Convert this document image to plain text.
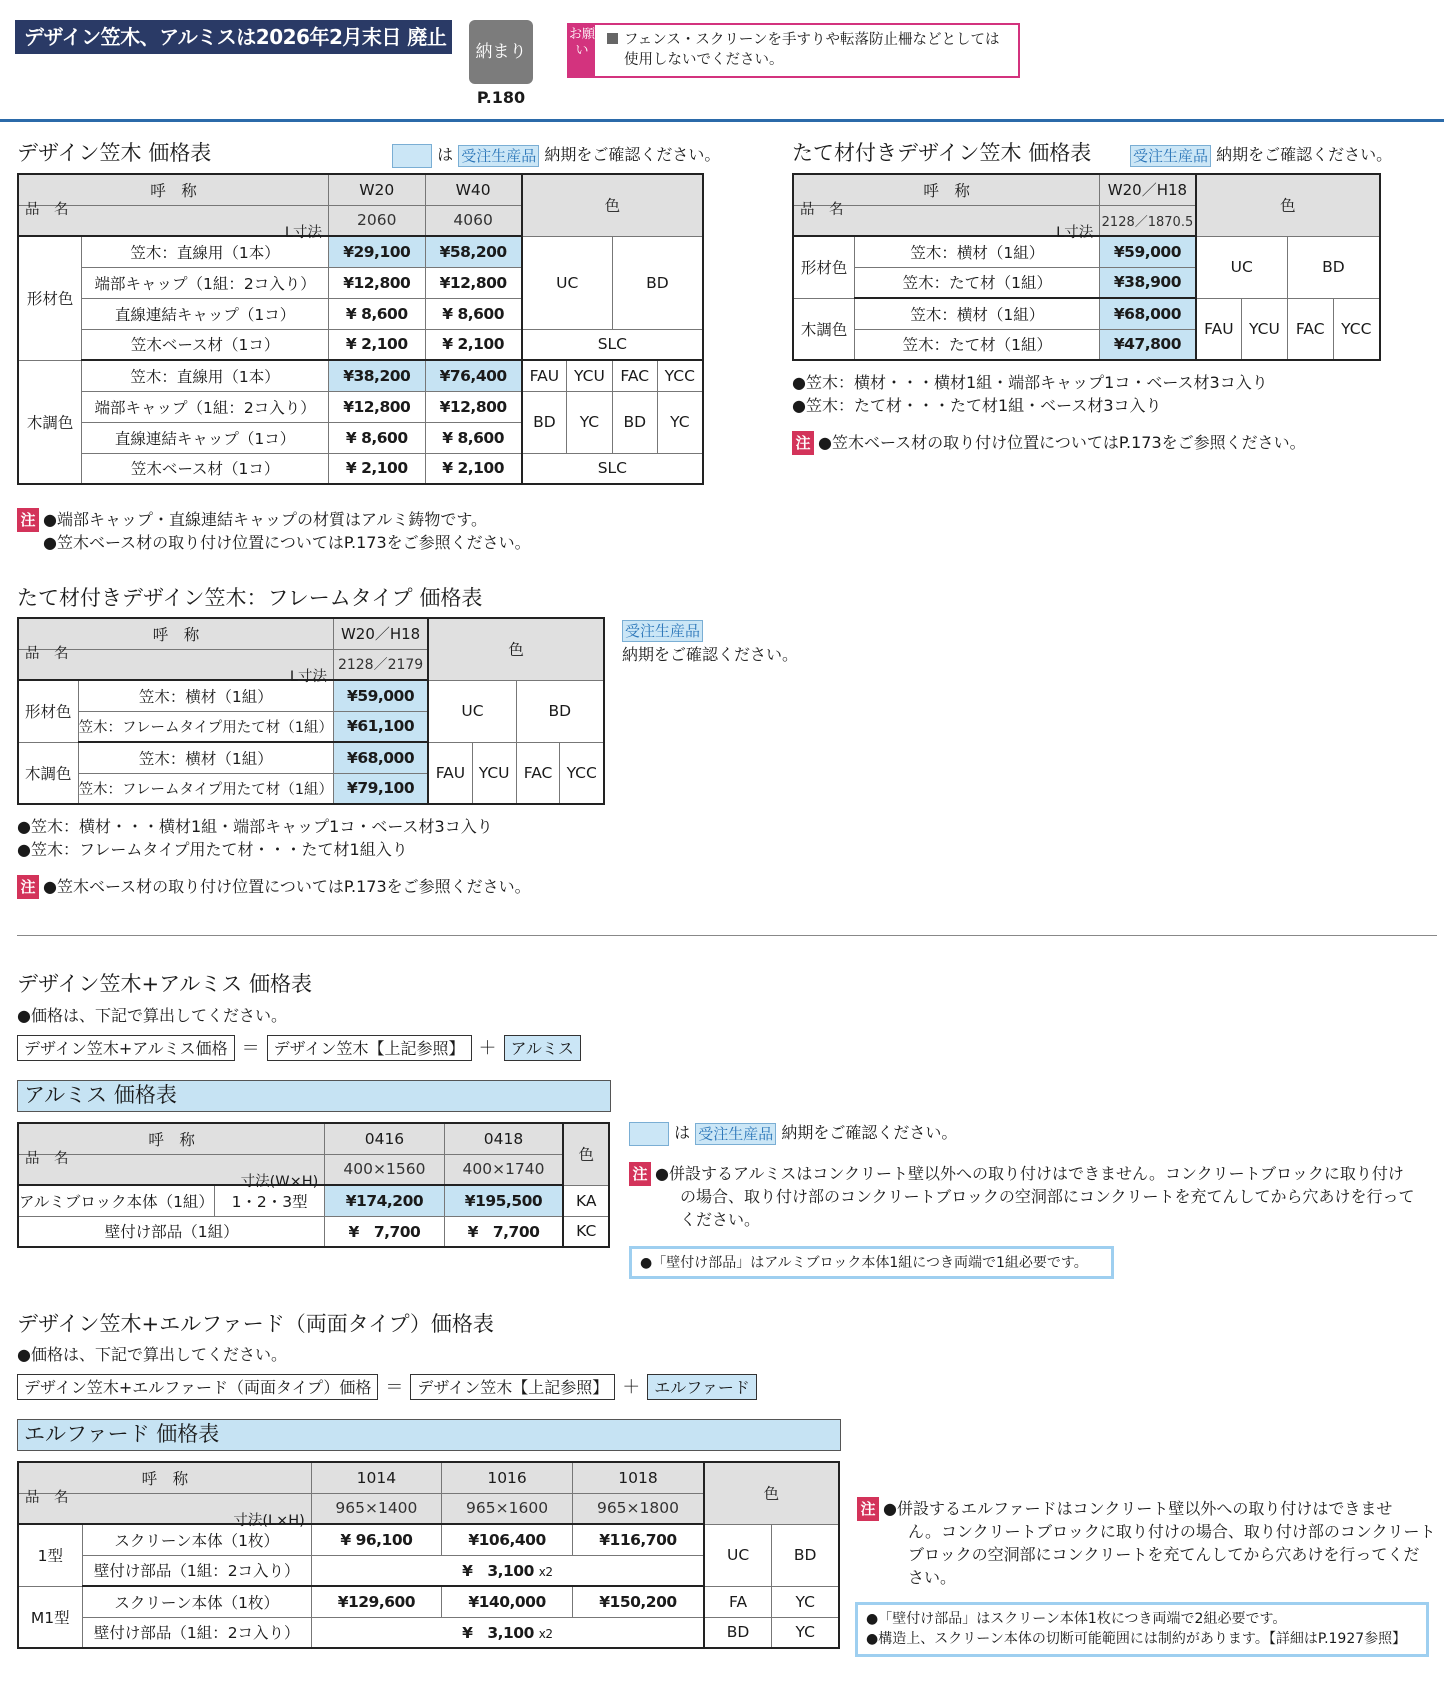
デザイン笠木、アルミスは2026年2月末日 廃止予定
納まり
P.180
お願い
フェンス・スクリーンを手すりや転落防止柵などとしては
使用しないでください。
デザイン笠木 価格表	は 受注生産品 納期をご確認ください。
呼　称		W20	W40	色			

L寸法
品　名		2060	4060				
形材色	笠木：直線用（1本）	¥29,100	¥58,200	UC		BD	
	端部キャップ（1組：2コ入り）	¥12,800	¥12,800				
	直線連結キャップ（1コ）	¥ 8,600	¥ 8,600				
	笠木ベース材（1コ）	¥ 2,100	¥ 2,100	SLC			
木調色	笠木：直線用（1本）	¥38,200	¥76,400	FAU	YCU	FAC	YCC
	端部キャップ（1組：2コ入り）	¥12,800	¥12,800	BD	YC	BD	YC
	直線連結キャップ（1コ）	¥ 8,600	¥ 8,600				
	笠木ベース材（1コ）	¥ 2,100	¥ 2,100	SLC			
注 ●端部キャップ・直線連結キャップの材質はアルミ鋳物です。
●笠木ベース材の取り付け位置についてはP.173をご参照ください。
たて材付きデザイン笠木 価格表	受注生産品 納期をご確認ください。
呼　称		W20／H18	色			

L寸法
品　名		2128／1870.5				
形材色	笠木：横材（1組）	¥59,000	UC		BD	
	笠木：たて材（1組）	¥38,900				
木調色	笠木：横材（1組）	¥68,000	FAU	YCU	FAC	YCC
	笠木：たて材（1組）	¥47,800				
●笠木：横材・・・横材1組・端部キャップ1コ・ベース材3コ入り
●笠木：たて材・・・たて材1組・ベース材3コ入り
注 ●笠木ベース材の取り付け位置についてはP.173をご参照ください。
たて材付きデザイン笠木：フレームタイプ 価格表
呼　称		W20／H18	色			

L寸法
品　名		2128／2179				
形材色	笠木：横材（1組）	¥59,000	UC		BD	
	笠木：フレームタイプ用たて材（1組）	¥61,100				
木調色	笠木：横材（1組）	¥68,000	FAU	YCU	FAC	YCC
	笠木：フレームタイプ用たて材（1組）	¥79,100				
受注生産品
納期をご確認ください。
●笠木：横材・・・横材1組・端部キャップ1コ・ベース材3コ入り
●笠木：フレームタイプ用たて材・・・たて材1組入り
注 ●笠木ベース材の取り付け位置についてはP.173をご参照ください。
デザイン笠木+アルミス 価格表
●価格は、下記で算出してください。
デザイン笠木+アルミス価格 ＝ デザイン笠木【上記参照】 ＋ アルミス
アルミス 価格表
呼　称		0416	0418	色

寸法(W×H)
品　名		400×1560	400×1740	
アルミブロック本体（1組）	1・2・3型	¥174,200	¥195,500	KA
壁付け部品（1組）		¥　7,700	¥　7,700	KC
は 受注生産品 納期をご確認ください。
注 ●併設するアルミスはコンクリート壁以外への取り付けはできません。コンクリートブロックに取り付け
の場合、取り付け部のコンクリートブロックの空洞部にコンクリートを充てんしてから穴あけを行って
ください。
●「壁付け部品」はアルミブロック本体1組につき両端で1組必要です。
デザイン笠木+エルファード（両面タイプ）価格表
●価格は、下記で算出してください。
デザイン笠木+エルファード（両面タイプ）価格 ＝ デザイン笠木【上記参照】 ＋ エルファード
エルファード 価格表
呼　称		1014	1016	1018	色	

寸法(L×H)
品　名		965×1400	965×1600	965×1800		
1型	スクリーン本体（1枚）	¥ 96,100	¥106,400	¥116,700	UC	BD
	壁付け部品（1組：2コ入り）	¥　3,100 x2				
M1型	スクリーン本体（1枚）	¥129,600	¥140,000	¥150,200	FA	YC
	壁付け部品（1組：2コ入り）	¥　3,100 x2			BD	YC
注 ●併設するエルファードはコンクリート壁以外への取り付けはできませ
ん。コンクリートブロックに取り付けの場合、取り付け部のコンクリート
ブロックの空洞部にコンクリートを充てんしてから穴あけを行ってくだ
さい。
●「壁付け部品」はスクリーン本体1枚につき両端で2組必要です。
●構造上、スクリーン本体の切断可能範囲には制約があります。【詳細はP.1927参照】
